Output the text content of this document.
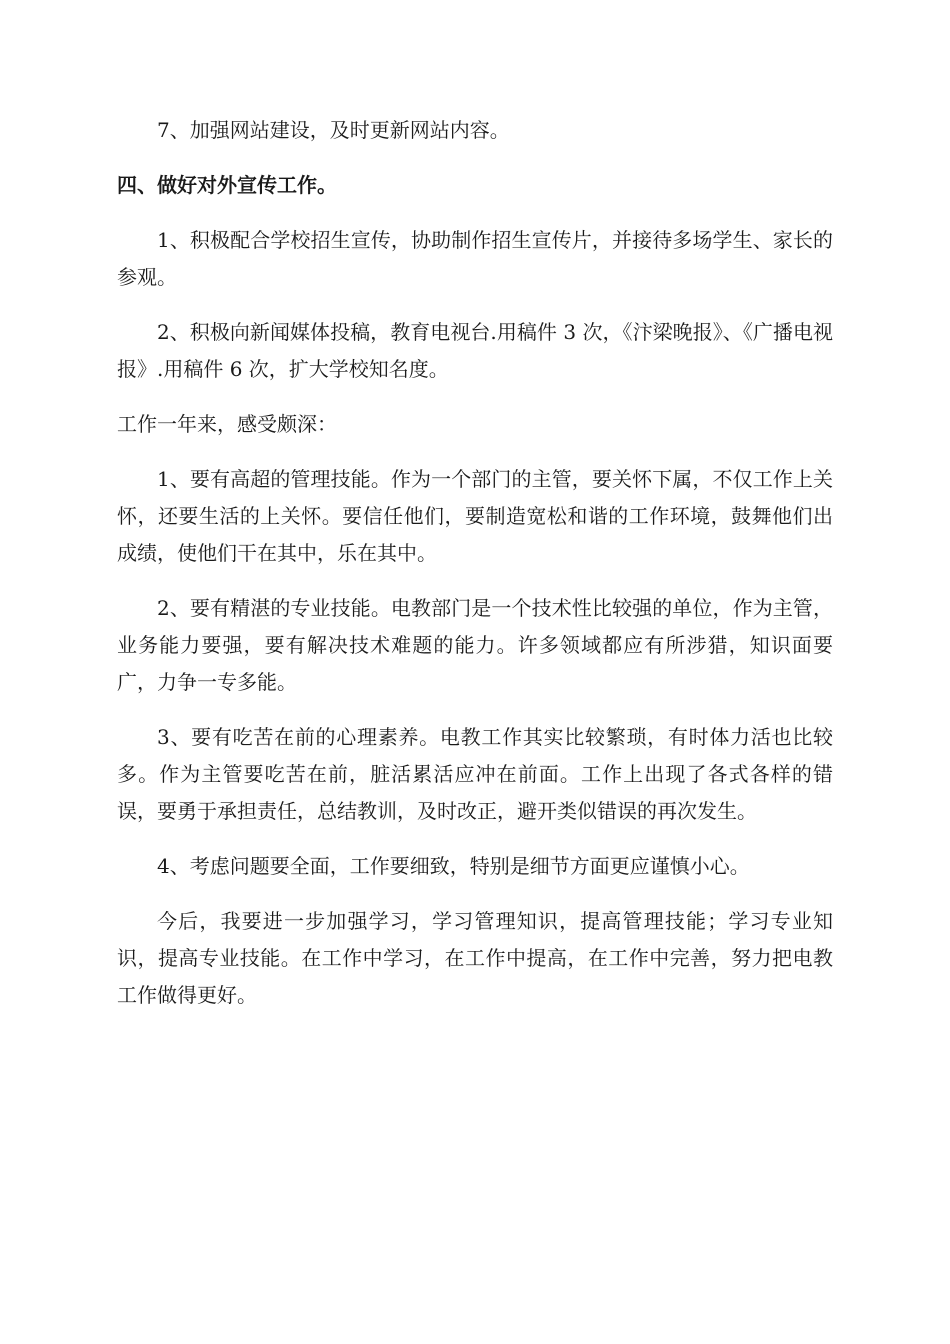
7、加强网站建设，及时更新网站内容。

四、做好对外宣传工作。

1、积极配合学校招生宣传，协助制作招生宣传片，并接待多场学生、家长的参观。

2、积极向新闻媒体投稿，教育电视台.用稿件 3 次，《汴梁晚报》、《广播电视报》.用稿件 6 次，扩大学校知名度。

工作一年来，感受颇深：

1、要有高超的管理技能。作为一个部门的主管，要关怀下属，不仅工作上关怀，还要生活的上关怀。要信任他们，要制造宽松和谐的工作环境，鼓舞他们出成绩，使他们干在其中，乐在其中。

2、要有精湛的专业技能。电教部门是一个技术性比较强的单位，作为主管，业务能力要强，要有解决技术难题的能力。许多领域都应有所涉猎，知识面要广，力争一专多能。

3、要有吃苦在前的心理素养。电教工作其实比较繁琐，有时体力活也比较多。作为主管要吃苦在前，脏活累活应冲在前面。工作上出现了各式各样的错误，要勇于承担责任，总结教训，及时改正，避开类似错误的再次发生。

4、考虑问题要全面，工作要细致，特别是细节方面更应谨慎小心。

今后，我要进一步加强学习，学习管理知识，提高管理技能；学习专业知识，提高专业技能。在工作中学习，在工作中提高，在工作中完善，努力把电教工作做得更好。
